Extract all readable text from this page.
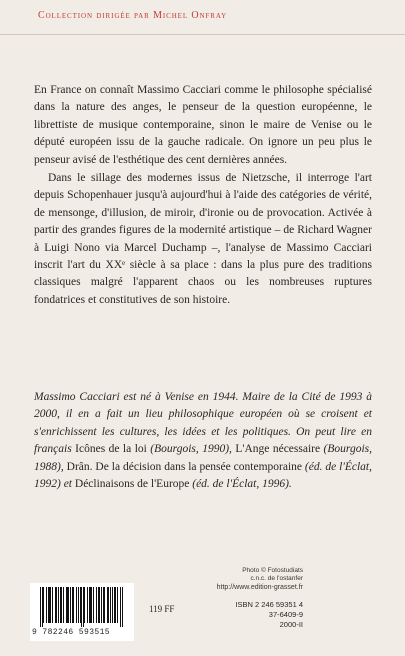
Collection dirigée par Michel Onfray

En France on connaît Massimo Cacciari comme le philosophe spécialisé dans la nature des anges, le penseur de la question européenne, le librettiste de musique contemporaine, sinon le maire de Venise ou le député européen issu de la gauche radicale. On ignore un peu plus le penseur avisé de l'esthétique des cent dernières années.

Dans le sillage des modernes issus de Nietzsche, il interroge l'art depuis Schopenhauer jusqu'à aujourd'hui à l'aide des catégories de vérité, de mensonge, d'illusion, de miroir, d'ironie ou de provocation. Activée à partir des grandes figures de la modernité artistique – de Richard Wagner à Luigi Nono via Marcel Duchamp –, l'analyse de Massimo Cacciari inscrit l'art du XXᵉ siècle à sa place : dans la plus pure des traditions classiques malgré l'apparent chaos ou les nombreuses ruptures fondatrices et constitutives de son histoire.

Massimo Cacciari est né à Venise en 1944. Maire de la Cité de 1993 à 2000, il en a fait un lieu philosophique européen où se croisent et s'enrichissent les cultures, les idées et les politiques. On peut lire en français Icônes de la loi (Bourgois, 1990), L'Ange nécessaire (Bourgois, 1988), Drân. De la décision dans la pensée contemporaine (éd. de l'Éclat, 1992) et Déclinaisons de l'Europe (éd. de l'Éclat, 1996).
Photo © Fotostudiats
c.n.c. de l'ostanfer
http://www.edition-grasset.fr
9 782246 593515
119 FF	ISBN 2 246 59351 4
37-6409-9
2000-II
